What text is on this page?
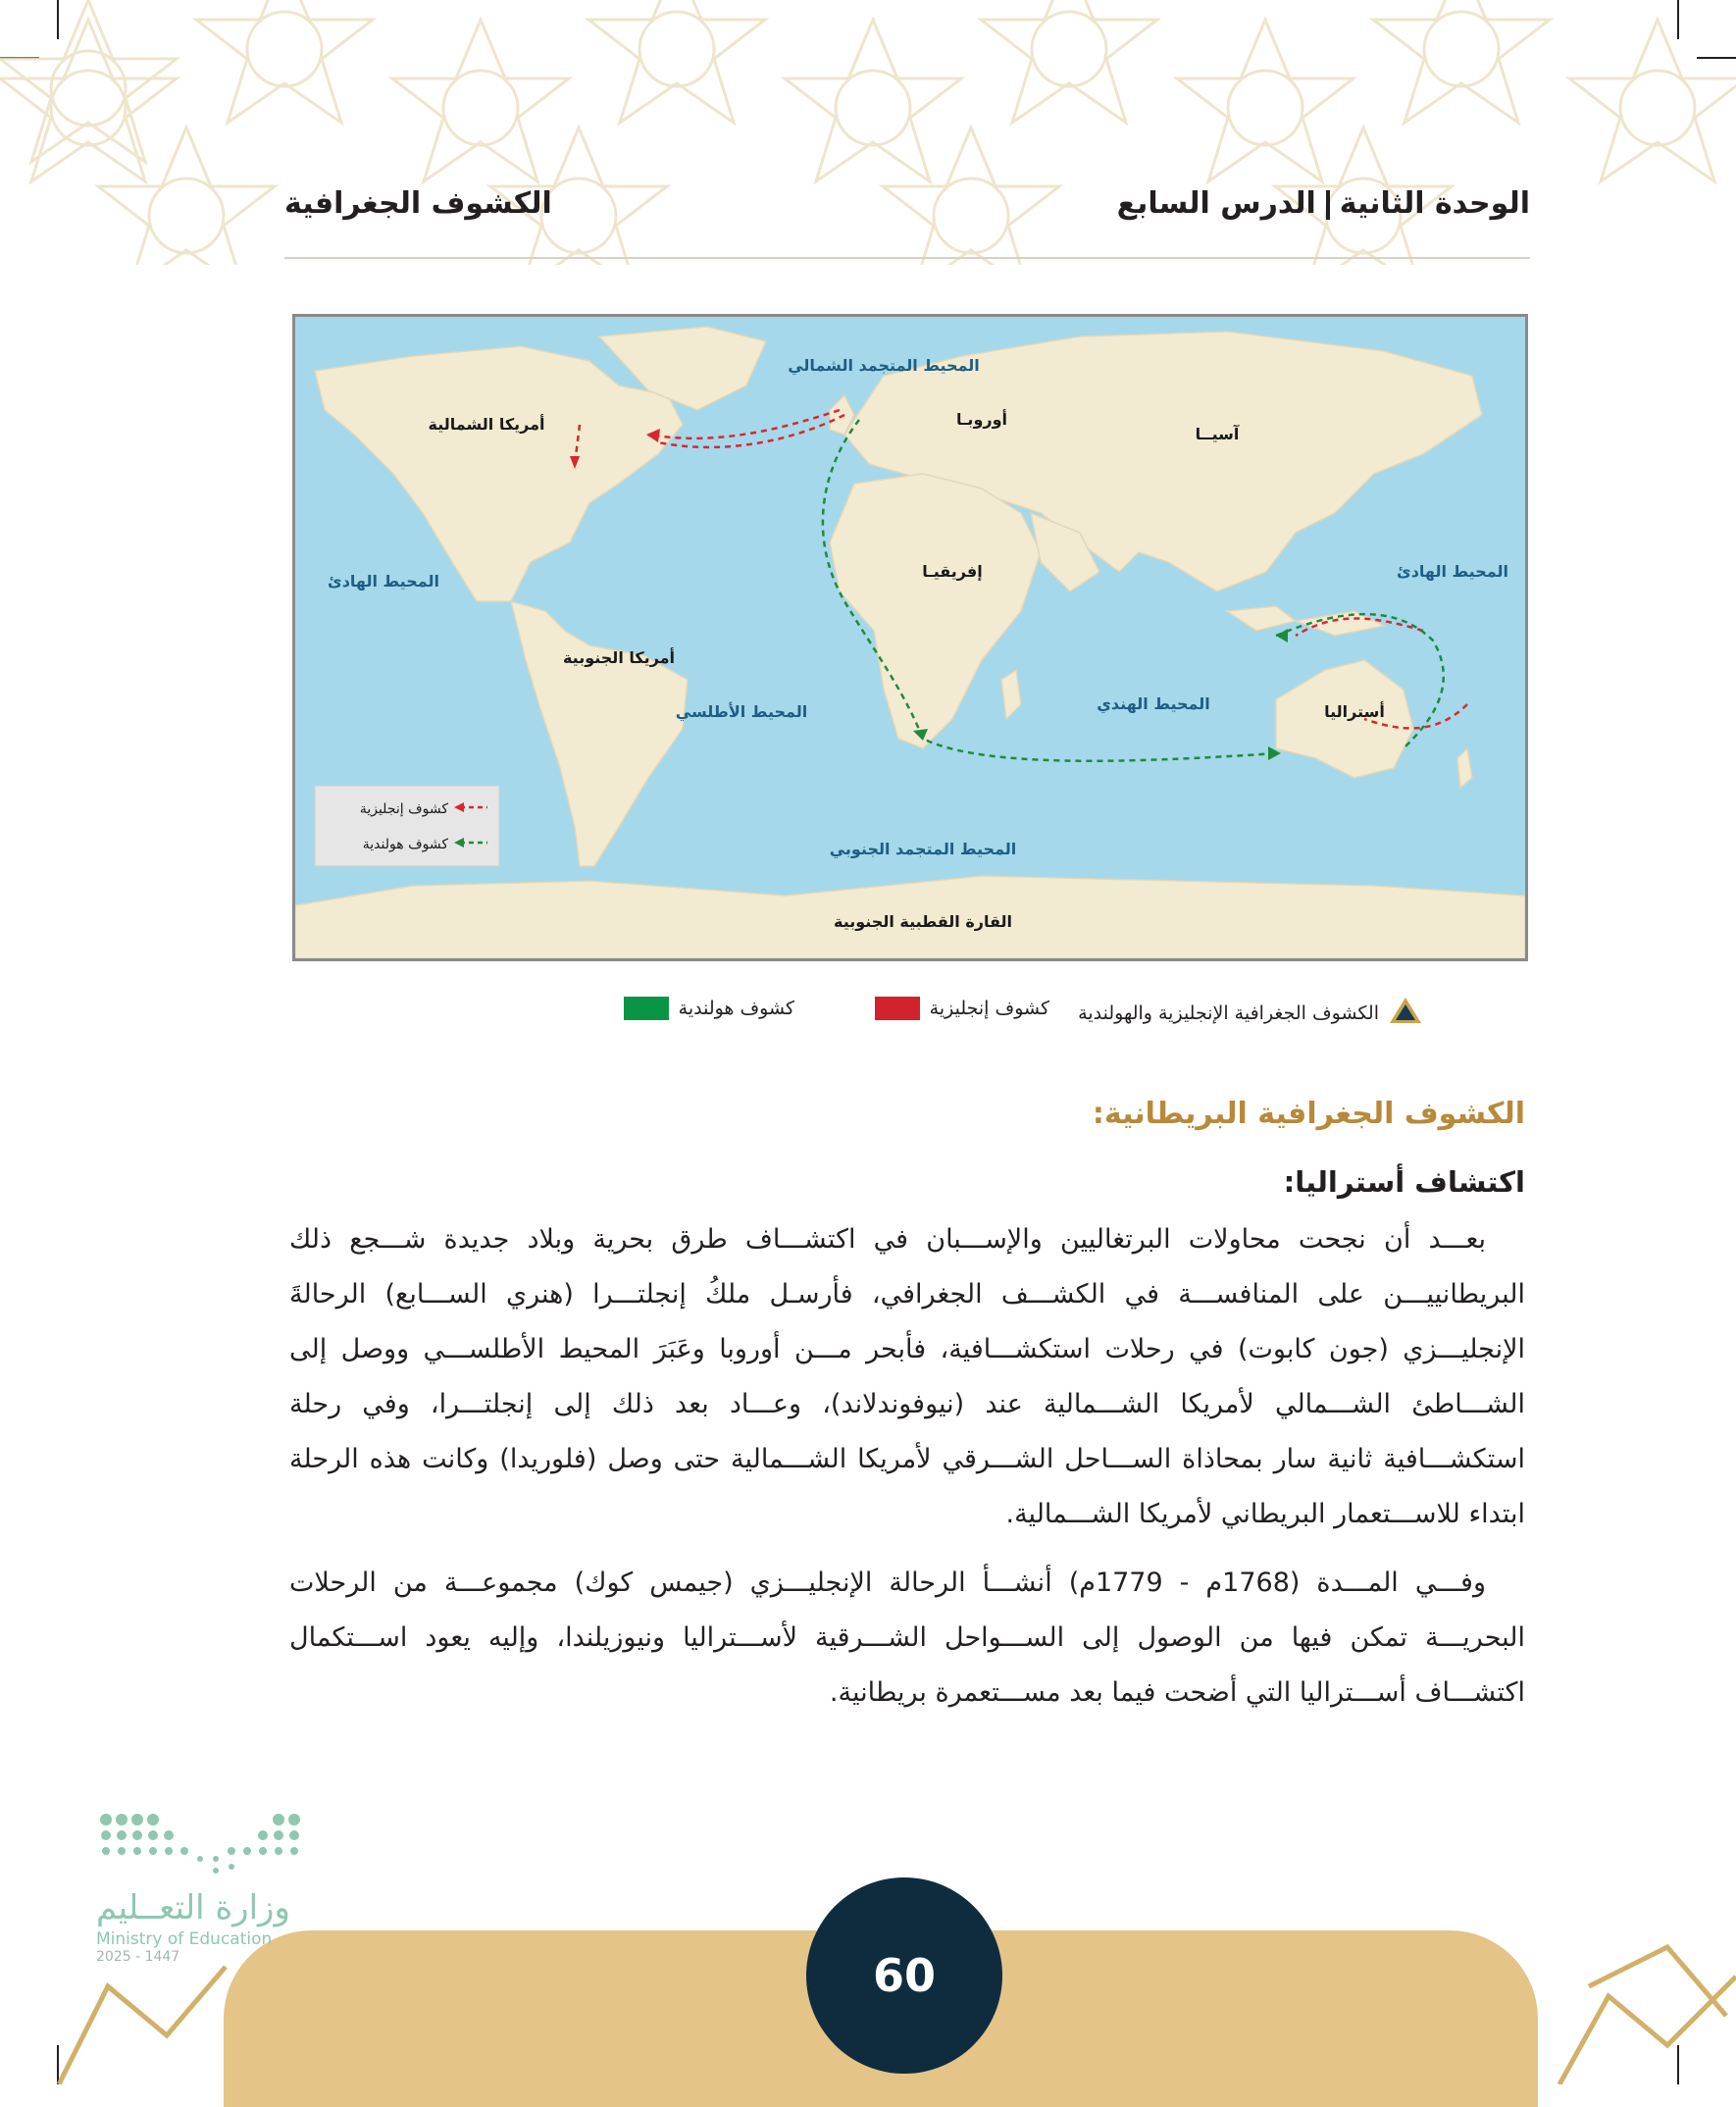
الوحدة الثانيةالدرس السابع
الكشوف الجغرافية
المحيط المتجمد الشمالي
أمريكا الشمالية	أوروبـا
آسيــا
المحيط الهادئ
المحيط الهادئ
إفريقيـا
أمريكا الجنوبية
المحيط الأطلسي	المحيط الهندي	أستراليا
المحيط المتجمد الجنوبي
القارة القطبية الجنوبية
كشوف إنجليزية
كشوف هولندية
الكشوف الجغرافية الإنجليزية والهولندية
كشوف إنجليزية
كشوف هولندية
الكشوف الجغرافية البريطانية:
اكتشاف أستراليا:

بعـــد أن نجحت محاولات البرتغاليين والإســـبان في اكتشـــاف طرق بحرية وبلاد جديدة شـــجع ذلك البريطانييـــن على المنافســـة في الكشـــف الجغرافي، فأرسـل ملكُ إنجلتـــرا (هنري الســـابع) الرحالةَ الإنجليـــزي (جون كابوت) في رحلات استكشـــافية، فأبحر مـــن أوروبا وعَبَرَ المحيط الأطلســـي ووصل إلى الشـــاطئ الشـــمالي لأمريكا الشـــمالية عند (نيوفوندلاند)، وعـــاد بعد ذلك إلى إنجلتـــرا، وفي رحلة استكشـــافية ثانية سار بمحاذاة الســـاحل الشـــرقي لأمريكا الشـــمالية حتى وصل (فلوريدا) وكانت هذه الرحلة ابتداء للاســـتعمار البريطاني لأمريكا الشـــمالية.

وفـــي المـــدة (1768م - 1779م) أنشـــأ الرحالة الإنجليـــزي (جيمس كوك) مجموعـــة من الرحلات البحريـــة تمكن فيها من الوصول إلى الســـواحل الشـــرقية لأســـتراليا ونيوزيلندا، وإليه يعود اســـتكمال اكتشـــاف أســـتراليا التي أضحت فيما بعد مســـتعمرة بريطانية.

60
وزارة التعــليم
Ministry of Education
2025 - 1447
